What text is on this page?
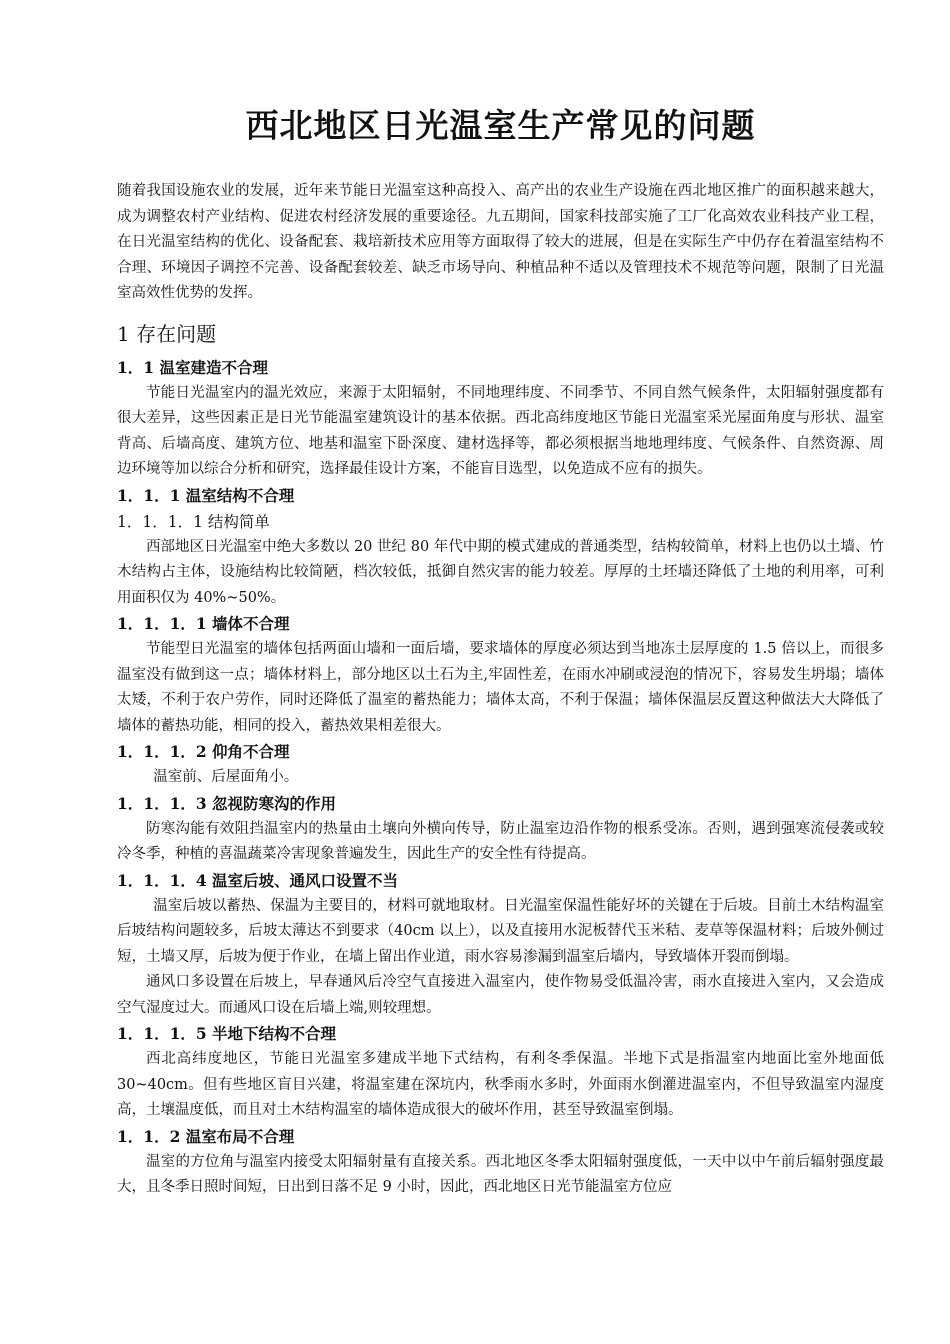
西北地区日光温室生产常见的问题

随着我国设施农业的发展，近年来节能日光温室这种高投入、高产出的农业生产设施在西北地区推广的面积越来越大，成为调整农村产业结构、促进农村经济发展的重要途径。九五期间，国家科技部实施了工厂化高效农业科技产业工程，在日光温室结构的优化、设备配套、栽培新技术应用等方面取得了较大的进展，但是在实际生产中仍存在着温室结构不合理、环境因子调控不完善、设备配套较差、缺乏市场导向、种植品种不适以及管理技术不规范等问题，限制了日光温室高效性优势的发挥。

1 存在问题
1．1 温室建造不合理

节能日光温室内的温光效应，来源于太阳辐射，不同地理纬度、不同季节、不同自然气候条件，太阳辐射强度都有很大差异，这些因素正是日光节能温室建筑设计的基本依据。西北高纬度地区节能日光温室采光屋面角度与形状、温室背高、后墙高度、建筑方位、地基和温室下卧深度、建材选择等，都必须根据当地地理纬度、气候条件、自然资源、周边环境等加以综合分析和研究，选择最佳设计方案，不能盲目选型，以免造成不应有的损失。

1．1．1 温室结构不合理
1．1．1．1 结构简单

西部地区日光温室中绝大多数以 20 世纪 80 年代中期的模式建成的普通类型，结构较简单，材料上也仍以土墙、竹木结构占主体，设施结构比较简陋，档次较低，抵御自然灾害的能力较差。厚厚的土坯墙还降低了土地的利用率，可利用面积仅为 40%~50%。

1．1．1．1 墙体不合理

节能型日光温室的墙体包括两面山墙和一面后墙，要求墙体的厚度必须达到当地冻土层厚度的 1.5 倍以上，而很多温室没有做到这一点；墙体材料上，部分地区以土石为主,牢固性差，在雨水冲刷或浸泡的情况下，容易发生坍塌；墙体太矮，不利于农户劳作，同时还降低了温室的蓄热能力；墙体太高，不利于保温；墙体保温层反置这种做法大大降低了墙体的蓄热功能，相同的投入，蓄热效果相差很大。

1．1．1．2 仰角不合理

温室前、后屋面角小。

1．1．1．3 忽视防寒沟的作用

防寒沟能有效阻挡温室内的热量由土壤向外横向传导，防止温室边沿作物的根系受冻。否则，遇到强寒流侵袭或较冷冬季，种植的喜温蔬菜冷害现象普遍发生，因此生产的安全性有待提高。

1．1．1．4 温室后坡、通风口设置不当

温室后坡以蓄热、保温为主要目的，材料可就地取材。日光温室保温性能好坏的关键在于后坡。目前土木结构温室后坡结构问题较多，后坡太薄达不到要求（40cm 以上），以及直接用水泥板替代玉米秸、麦草等保温材料；后坡外侧过短，土墙又厚，后坡为便于作业，在墙上留出作业道，雨水容易渗漏到温室后墙内，导致墙体开裂而倒塌。

通风口多设置在后坡上，早春通风后冷空气直接进入温室内，使作物易受低温冷害，雨水直接进入室内，又会造成空气湿度过大。而通风口设在后墙上端,则较理想。

1．1．1．5 半地下结构不合理

西北高纬度地区，节能日光温室多建成半地下式结构，有利冬季保温。半地下式是指温室内地面比室外地面低 30~40cm。但有些地区盲目兴建，将温室建在深坑内，秋季雨水多时，外面雨水倒灌进温室内，不但导致温室内湿度高，土壤温度低，而且对土木结构温室的墙体造成很大的破坏作用，甚至导致温室倒塌。

1．1．2 温室布局不合理

温室的方位角与温室内接受太阳辐射量有直接关系。西北地区冬季太阳辐射强度低，一天中以中午前后辐射强度最大，且冬季日照时间短，日出到日落不足 9 小时，因此，西北地区日光节能温室方位应
